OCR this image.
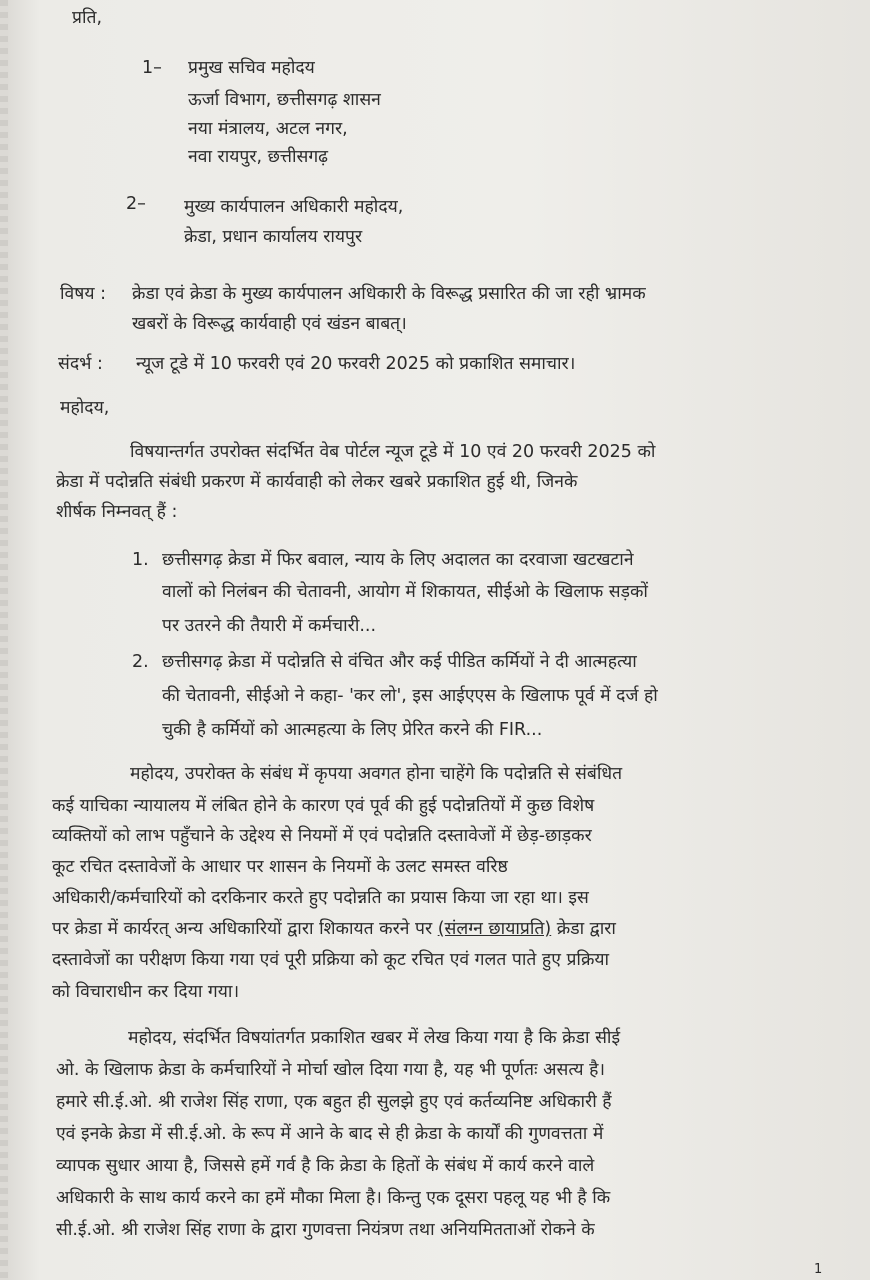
प्रति,
1– प्रमुख सचिव महोदय
ऊर्जा विभाग, छत्तीसगढ़ शासन
नया मंत्रालय, अटल नगर,
नवा रायपुर, छत्तीसगढ़
2– मुख्य कार्यपालन अधिकारी महोदय,
क्रेडा, प्रधान कार्यालय रायपुर
विषय : क्रेडा एवं क्रेडा के मुख्य कार्यपालन अधिकारी के विरूद्ध प्रसारित की जा रही भ्रामक
खबरों के विरूद्ध कार्यवाही एवं खंडन बाबत्।
संदर्भ : न्यूज टूडे में 10 फरवरी एवं 20 फरवरी 2025 को प्रकाशित समाचार।
महोदय,
विषयान्तर्गत उपरोक्त संदर्भित वेब पोर्टल न्यूज टूडे में 10 एवं 20 फरवरी 2025 को
क्रेडा में पदोन्नति संबंधी प्रकरण में कार्यवाही को लेकर खबरे प्रकाशित हुई थी, जिनके
शीर्षक निम्नवत् हैं :
1. छत्तीसगढ़ क्रेडा में फिर बवाल, न्याय के लिए अदालत का दरवाजा खटखटाने
वालों को निलंबन की चेतावनी, आयोग में शिकायत, सीईओ के खिलाफ सड़कों
पर उतरने की तैयारी में कर्मचारी...
2. छत्तीसगढ़ क्रेडा में पदोन्नति से वंचित और कई पीडित कर्मियों ने दी आत्महत्या
की चेतावनी, सीईओ ने कहा- 'कर लो', इस आईएएस के खिलाफ पूर्व में दर्ज हो
चुकी है कर्मियों को आत्महत्या के लिए प्रेरित करने की FIR...
महोदय, उपरोक्त के संबंध में कृपया अवगत होना चाहेंगे कि पदोन्नति से संबंधित
कई याचिका न्यायालय में लंबित होने के कारण एवं पूर्व की हुई पदोन्नतियों में कुछ विशेष
व्यक्तियों को लाभ पहुँचाने के उद्देश्य से नियमों में एवं पदोन्नति दस्तावेजों में छेड़-छाड़कर
कूट रचित दस्तावेजों के आधार पर शासन के नियमों के उलट समस्त वरिष्ठ
अधिकारी/कर्मचारियों को दरकिनार करते हुए पदोन्नति का प्रयास किया जा रहा था। इस
पर क्रेडा में कार्यरत् अन्य अधिकारियों द्वारा शिकायत करने पर (संलग्न छायाप्रति) क्रेडा द्वारा
दस्तावेजों का परीक्षण किया गया एवं पूरी प्रक्रिया को कूट रचित एवं गलत पाते हुए प्रक्रिया
को विचाराधीन कर दिया गया।
महोदय, संदर्भित विषयांतर्गत प्रकाशित खबर में लेख किया गया है कि क्रेडा सीई
ओ. के खिलाफ क्रेडा के कर्मचारियों ने मोर्चा खोल दिया गया है, यह भी पूर्णतः असत्य है।
हमारे सी.ई.ओ. श्री राजेश सिंह राणा, एक बहुत ही सुलझे हुए एवं कर्तव्यनिष्ट अधिकारी हैं
एवं इनके क्रेडा में सी.ई.ओ. के रूप में आने के बाद से ही क्रेडा के कार्यों की गुणवत्तता में
व्यापक सुधार आया है, जिससे हमें गर्व है कि क्रेडा के हितों के संबंध में कार्य करने वाले
अधिकारी के साथ कार्य करने का हमें मौका मिला है। किन्तु एक दूसरा पहलू यह भी है कि
सी.ई.ओ. श्री राजेश सिंह राणा के द्वारा गुणवत्ता नियंत्रण तथा अनियमितताओं रोकने के
1
